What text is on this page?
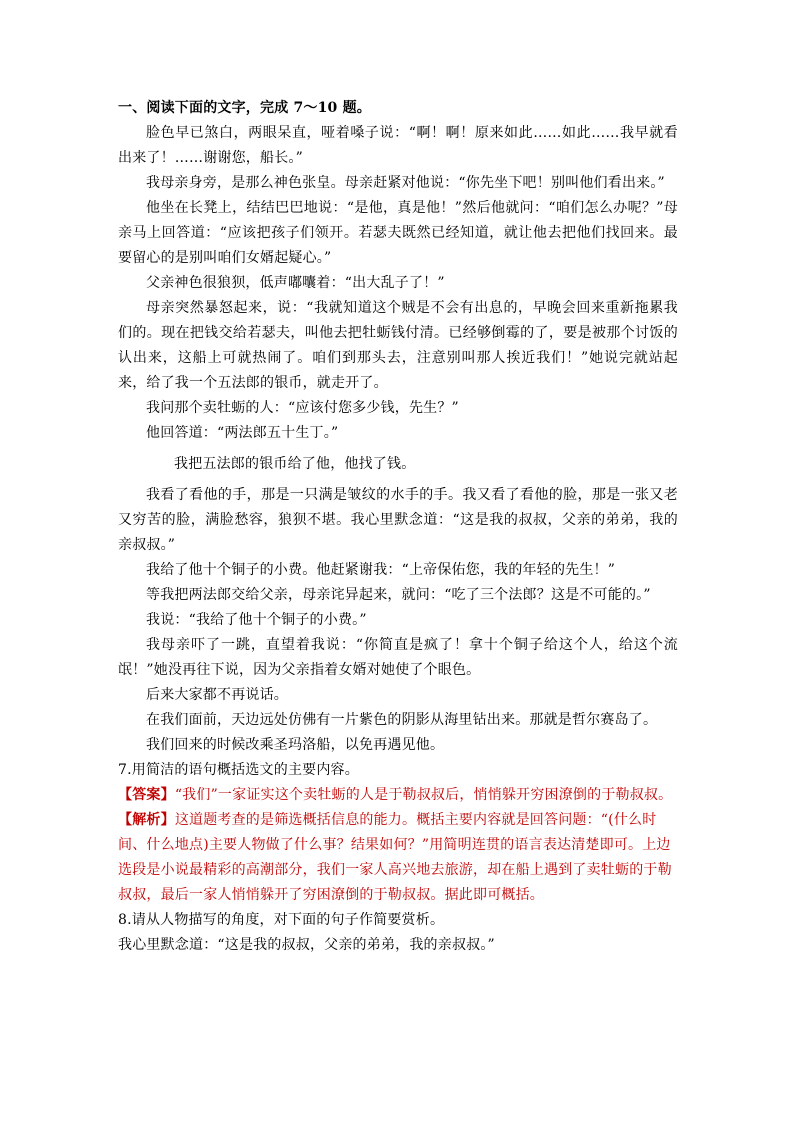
一、阅读下面的文字，完成 7～10 题。

脸色早已煞白，两眼呆直，哑着嗓子说：“啊！啊！原来如此……如此……我早就看出来了！……谢谢您，船长。”

我母亲身旁，是那么神色张皇。母亲赶紧对他说：“你先坐下吧！别叫他们看出来。”

他坐在长凳上，结结巴巴地说：“是他，真是他！”然后他就问：“咱们怎么办呢？”母亲马上回答道：“应该把孩子们领开。若瑟夫既然已经知道，就让他去把他们找回来。最要留心的是别叫咱们女婿起疑心。”

父亲神色很狼狈，低声嘟囔着：“出大乱子了！”

母亲突然暴怒起来，说：“我就知道这个贼是不会有出息的，早晚会回来重新拖累我们的。现在把钱交给若瑟夫，叫他去把牡蛎钱付清。已经够倒霉的了，要是被那个讨饭的认出来，这船上可就热闹了。咱们到那头去，注意别叫那人挨近我们！”她说完就站起来，给了我一个五法郎的银币，就走开了。

我问那个卖牡蛎的人：“应该付您多少钱，先生？”

他回答道：“两法郎五十生丁。”

我把五法郎的银币给了他，他找了钱。

我看了看他的手，那是一只满是皱纹的水手的手。我又看了看他的脸，那是一张又老又穷苦的脸，满脸愁容，狼狈不堪。我心里默念道：“这是我的叔叔，父亲的弟弟，我的亲叔叔。”

我给了他十个铜子的小费。他赶紧谢我：“上帝保佑您，我的年轻的先生！”

等我把两法郎交给父亲，母亲诧异起来，就问：“吃了三个法郎？这是不可能的。”

我说：“我给了他十个铜子的小费。”

我母亲吓了一跳，直望着我说：“你简直是疯了！拿十个铜子给这个人，给这个流氓！”她没再往下说，因为父亲指着女婿对她使了个眼色。

后来大家都不再说话。

在我们面前，天边远处仿佛有一片紫色的阴影从海里钻出来。那就是哲尔赛岛了。

我们回来的时候改乘圣玛洛船，以免再遇见他。

7.用简洁的语句概括选文的主要内容。

【答案】“我们”一家证实这个卖牡蛎的人是于勒叔叔后，悄悄躲开穷困潦倒的于勒叔叔。

【解析】这道题考查的是筛选概括信息的能力。概括主要内容就是回答问题：“(什么时间、什么地点)主要人物做了什么事？结果如何？”用简明连贯的语言表达清楚即可。上边选段是小说最精彩的高潮部分，我们一家人高兴地去旅游，却在船上遇到了卖牡蛎的于勒叔叔，最后一家人悄悄躲开了穷困潦倒的于勒叔叔。据此即可概括。

8.请从人物描写的角度，对下面的句子作简要赏析。

我心里默念道：“这是我的叔叔，父亲的弟弟，我的亲叔叔。”
